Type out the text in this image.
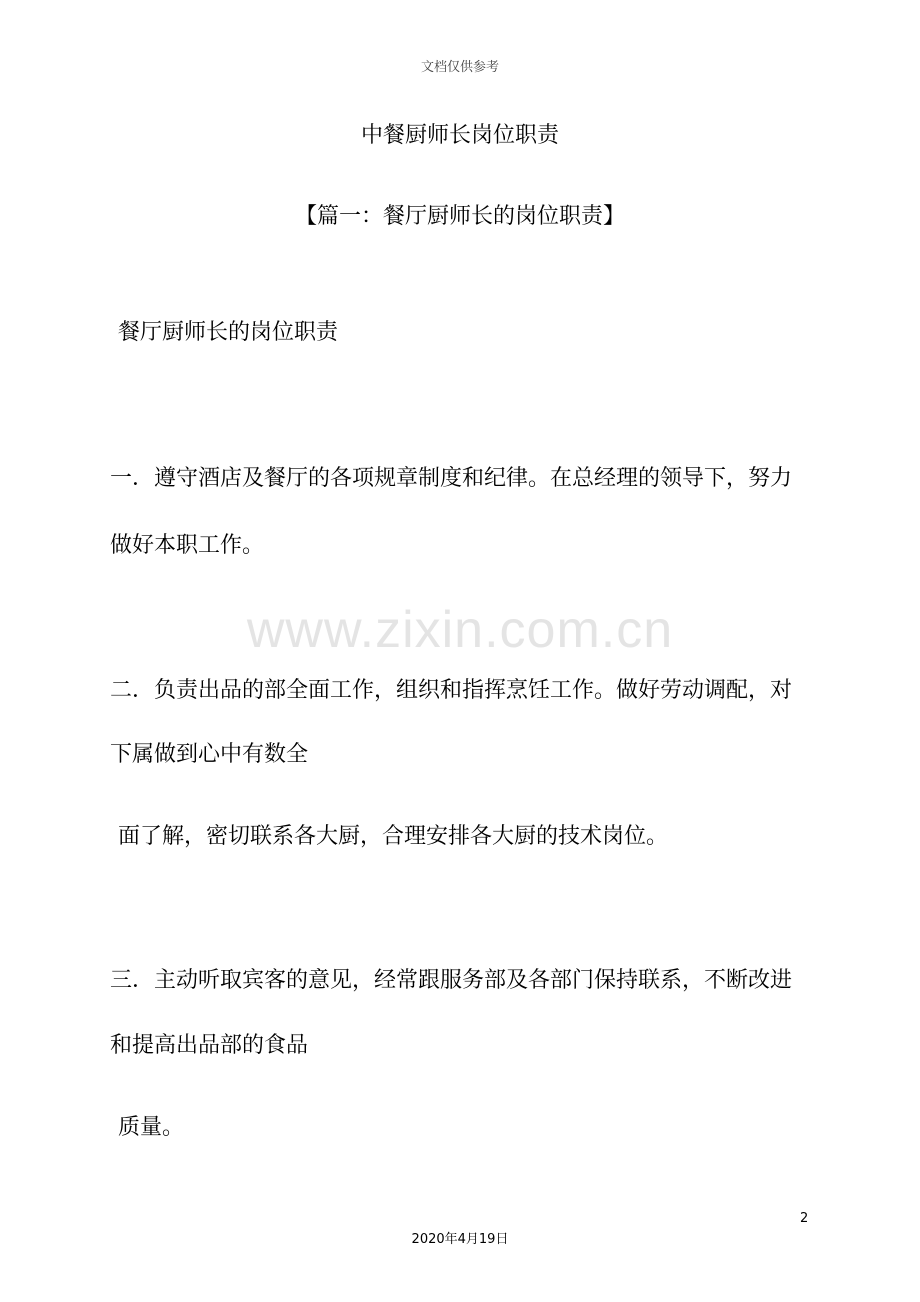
文档仅供参考
中餐厨师长岗位职责
【篇一：餐厅厨师长的岗位职责】
餐厅厨师长的岗位职责
一．遵守酒店及餐厅的各项规章制度和纪律。在总经理的领导下，努力
做好本职工作。
www.zixin.com.cn
二．负责出品的部全面工作，组织和指挥烹饪工作。做好劳动调配，对
下属做到心中有数全
面了解，密切联系各大厨，合理安排各大厨的技术岗位。
三．主动听取宾客的意见，经常跟服务部及各部门保持联系，不断改进
和提高出品部的食品
质量。
2
2020年4月19日
